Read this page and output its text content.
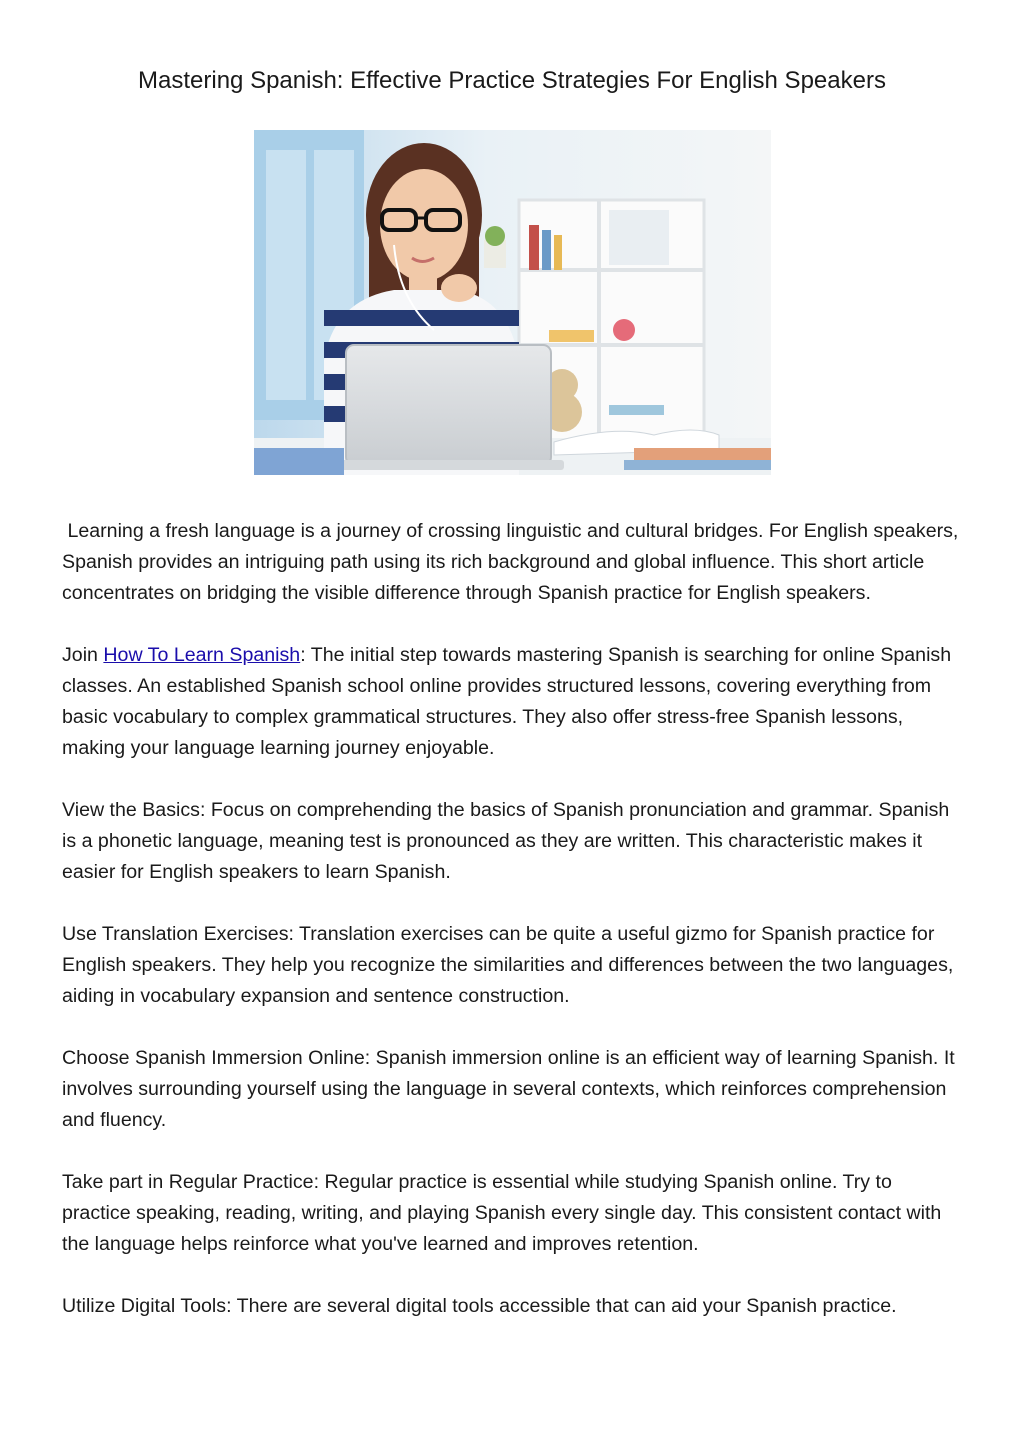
Mastering Spanish: Effective Practice Strategies For English Speakers

Learning a fresh language is a journey of crossing linguistic and cultural bridges. For English speakers, Spanish provides an intriguing path using its rich background and global influence. This short article concentrates on bridging the visible difference through Spanish practice for English speakers.

Join How To Learn Spanish: The initial step towards mastering Spanish is searching for online Spanish classes. An established Spanish school online provides structured lessons, covering everything from basic vocabulary to complex grammatical structures. They also offer stress-free Spanish lessons, making your language learning journey enjoyable.

View the Basics: Focus on comprehending the basics of Spanish pronunciation and grammar. Spanish is a phonetic language, meaning test is pronounced as they are written. This characteristic makes it easier for English speakers to learn Spanish.

Use Translation Exercises: Translation exercises can be quite a useful gizmo for Spanish practice for English speakers. They help you recognize the similarities and differences between the two languages, aiding in vocabulary expansion and sentence construction.

Choose Spanish Immersion Online: Spanish immersion online is an efficient way of learning Spanish. It involves surrounding yourself using the language in several contexts, which reinforces comprehension and fluency.

Take part in Regular Practice: Regular practice is essential while studying Spanish online. Try to practice speaking, reading, writing, and playing Spanish every single day. This consistent contact with the language helps reinforce what you've learned and improves retention.

Utilize Digital Tools: There are several digital tools accessible that can aid your Spanish practice.
